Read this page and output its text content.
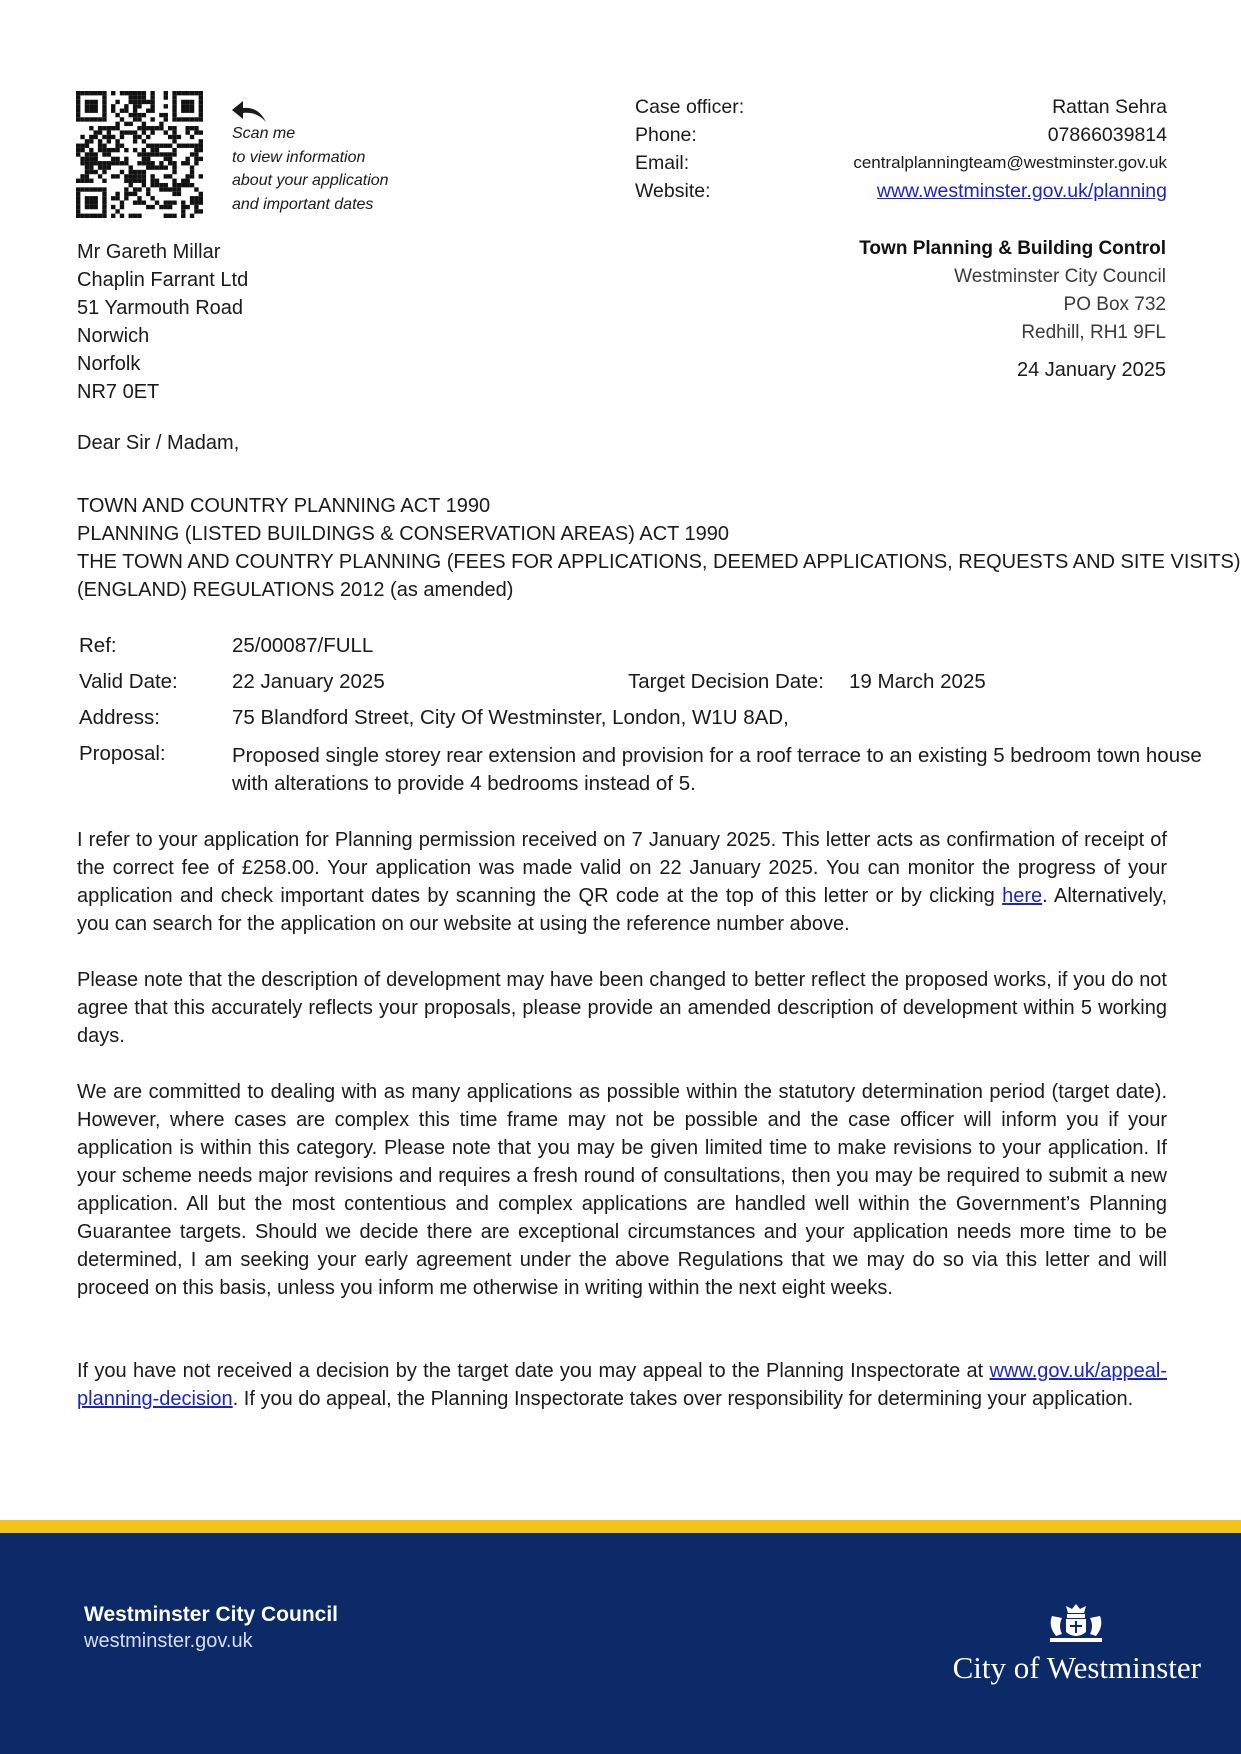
Scan me
to view information
about your application
and important dates
Case officer:	Rattan Sehra
Phone:	07866039814
Email:	centralplanningteam@westminster.gov.uk
Website:	www.westminster.gov.uk/planning
Town Planning & Building Control
Westminster City Council
PO Box 732
Redhill, RH1 9FL
24 January 2025
Mr Gareth Millar
Chaplin Farrant Ltd
51 Yarmouth Road
Norwich
Norfolk
NR7 0ET
Dear Sir / Madam,
TOWN AND COUNTRY PLANNING ACT 1990
PLANNING (LISTED BUILDINGS & CONSERVATION AREAS) ACT 1990
THE TOWN AND COUNTRY PLANNING (FEES FOR APPLICATIONS, DEEMED APPLICATIONS, REQUESTS AND SITE VISITS)
(ENGLAND) REGULATIONS 2012 (as amended)
Ref:	25/00087/FULL
Valid Date:	22 January 2025	Target Decision Date: 19 March 2025
Address:	75 Blandford Street, City Of Westminster, London, W1U 8AD,
Proposal:	Proposed single storey rear extension and provision for a roof terrace to an existing 5 bedroom town house with alterations to provide 4 bedrooms instead of 5.
I refer to your application for Planning permission received on 7 January 2025. This letter acts as confirmation of receipt of the correct fee of £258.00. Your application was made valid on 22 January 2025. You can monitor the progress of your application and check important dates by scanning the QR code at the top of this letter or by clicking here. Alternatively, you can search for the application on our website at using the reference number above.
Please note that the description of development may have been changed to better reflect the proposed works, if you do not agree that this accurately reflects your proposals, please provide an amended description of development within 5 working days.
We are committed to dealing with as many applications as possible within the statutory determination period (target date). However, where cases are complex this time frame may not be possible and the case officer will inform you if your application is within this category. Please note that you may be given limited time to make revisions to your application. If your scheme needs major revisions and requires a fresh round of consultations, then you may be required to submit a new application. All but the most contentious and complex applications are handled well within the Government’s Planning Guarantee targets. Should we decide there are exceptional circumstances and your application needs more time to be determined, I am seeking your early agreement under the above Regulations that we may do so via this letter and will proceed on this basis, unless you inform me otherwise in writing within the next eight weeks.
If you have not received a decision by the target date you may appeal to the Planning Inspectorate at www.gov.uk/appeal-planning-decision. If you do appeal, the Planning Inspectorate takes over responsibility for determining your application.
Westminster City Council
westminster.gov.uk
City of Westminster
